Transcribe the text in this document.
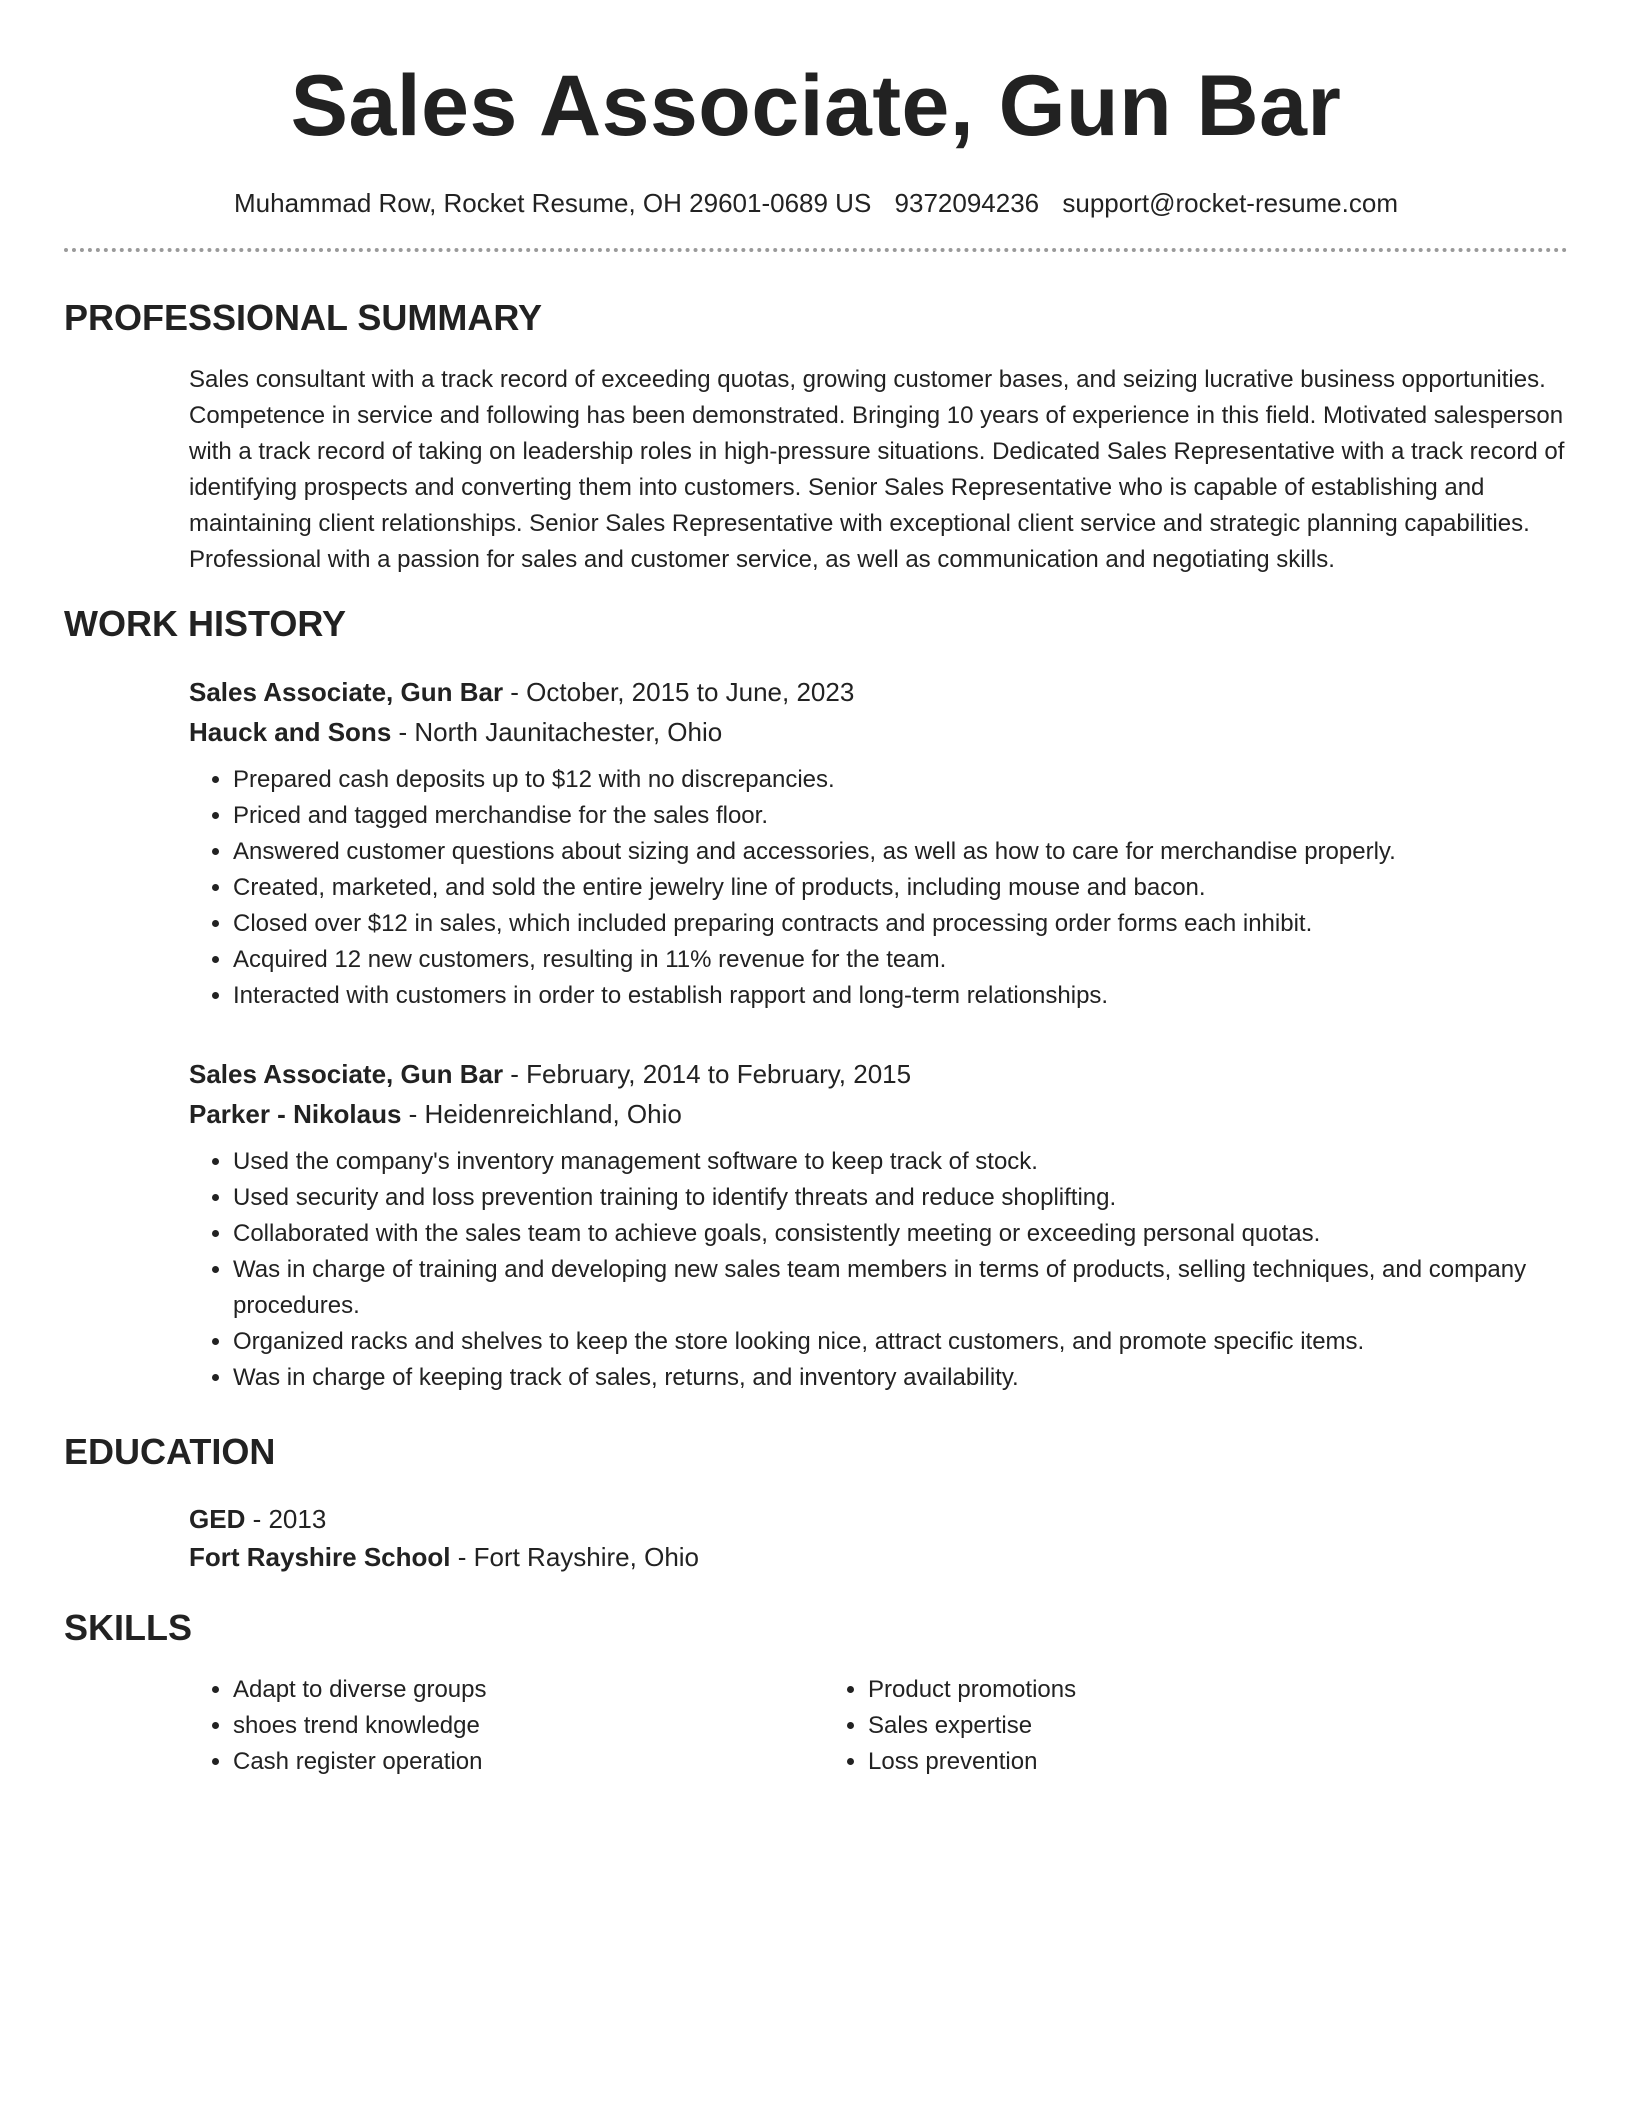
Sales Associate, Gun Bar
Muhammad Row, Rocket Resume, OH 29601-0689 US 9372094236 support@rocket-resume.com
PROFESSIONAL SUMMARY

Sales consultant with a track record of exceeding quotas, growing customer bases, and seizing lucrative business opportunities. Competence in service and following has been demonstrated. Bringing 10 years of experience in this field. Motivated salesperson with a track record of taking on leadership roles in high-pressure situations. Dedicated Sales Representative with a track record of identifying prospects and converting them into customers. Senior Sales Representative who is capable of establishing and maintaining client relationships. Senior Sales Representative with exceptional client service and strategic planning capabilities. Professional with a passion for sales and customer service, as well as communication and negotiating skills.

WORK HISTORY
Sales Associate, Gun Bar - October, 2015 to June, 2023
Hauck and Sons - North Jaunitachester, Ohio
• Prepared cash deposits up to $12 with no discrepancies.
• Priced and tagged merchandise for the sales floor.
• Answered customer questions about sizing and accessories, as well as how to care for merchandise properly.
• Created, marketed, and sold the entire jewelry line of products, including mouse and bacon.
• Closed over $12 in sales, which included preparing contracts and processing order forms each inhibit.
• Acquired 12 new customers, resulting in 11% revenue for the team.
• Interacted with customers in order to establish rapport and long-term relationships.
Sales Associate, Gun Bar - February, 2014 to February, 2015
Parker - Nikolaus - Heidenreichland, Ohio
• Used the company's inventory management software to keep track of stock.
• Used security and loss prevention training to identify threats and reduce shoplifting.
• Collaborated with the sales team to achieve goals, consistently meeting or exceeding personal quotas.
• Was in charge of training and developing new sales team members in terms of products, selling techniques, and company procedures.
• Organized racks and shelves to keep the store looking nice, attract customers, and promote specific items.
• Was in charge of keeping track of sales, returns, and inventory availability.
EDUCATION
GED - 2013
Fort Rayshire School - Fort Rayshire, Ohio
SKILLS
• Adapt to diverse groups
• shoes trend knowledge
• Cash register operation
• Product promotions
• Sales expertise
• Loss prevention
